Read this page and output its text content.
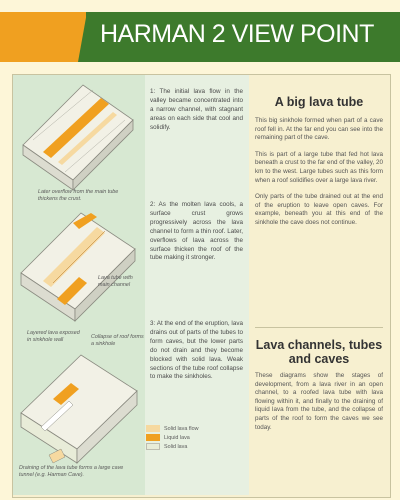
HARMAN 2 VIEW POINT
Later overflow from the main tube thickens the crust.
Lava tube with main channel
Layered lava exposed in sinkhole wall	Collapse of roof forms a sinkhole
Draining of the lava tube forms a large cave tunnel (e.g. Harman Cave).
1: The initial lava flow in the valley became concentrated into a narrow channel, with stagnant areas on each side that cool and solidify.
2: As the molten lava cools, a surface crust grows progressively across the lava channel to form a thin roof. Later, overflows of lava across the surface thicken the roof of the tube making it stronger.
3: At the end of the eruption, lava drains out of parts of the tubes to form caves, but the lower parts do not drain and they become blocked with solid lava. Weak sections of the tube roof collapse to make the sinkholes.
Solid lava flow
Liquid lava
Solid lava
A big lava tube

This big sinkhole formed when part of a cave roof fell in. At the far end you can see into the remaining part of the cave.

This is part of a large tube that fed hot lava beneath a crust to the far end of the valley, 20 km to the west. Large tubes such as this form when a roof solidifies over a large lava river.

Only parts of the tube drained out at the end of the eruption to leave open caves. For example, beneath you at this end of the sinkhole the cave does not continue.

Lava channels, tubes and caves

These diagrams show the stages of development, from a lava river in an open channel, to a roofed lava tube with lava flowing within it, and finally to the draining of liquid lava from the tube, and the collapse of parts of the roof to form the caves we see today.
